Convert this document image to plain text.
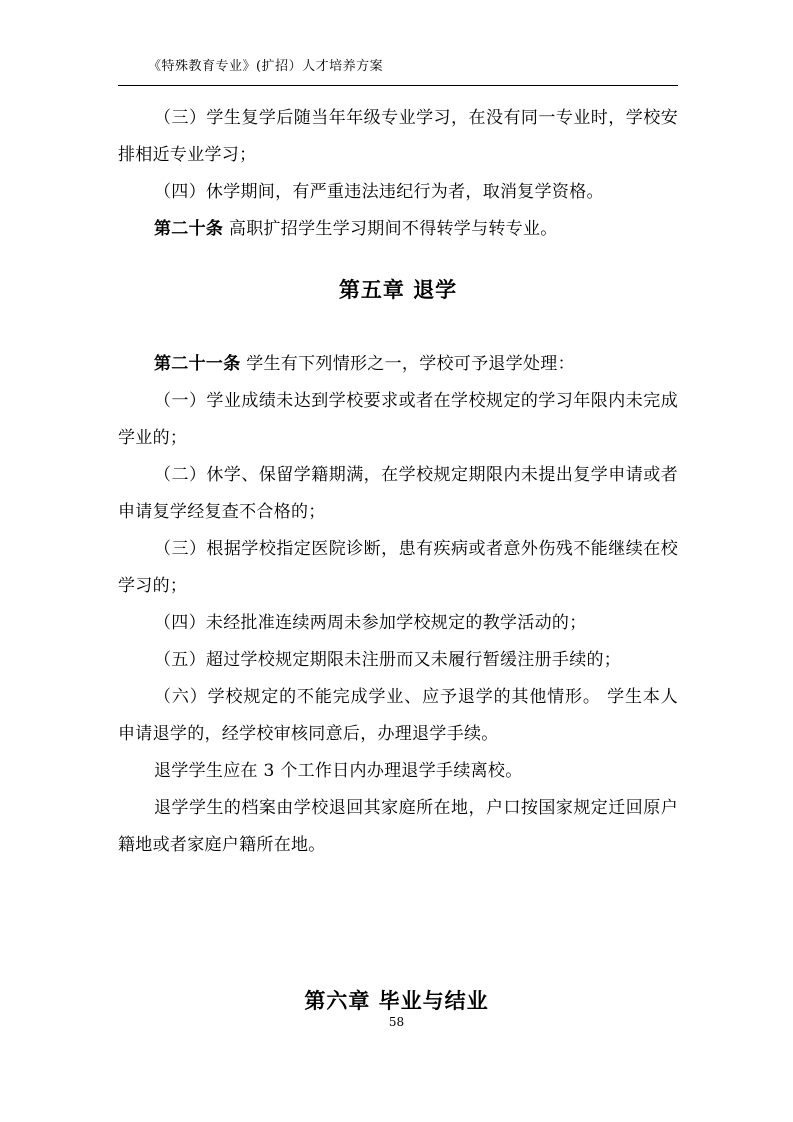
《特殊教育专业》(扩招）人才培养方案

（三）学生复学后随当年年级专业学习，在没有同一专业时，学校安排相近专业学习；

（四）休学期间，有严重违法违纪行为者，取消复学资格。

第二十条 高职扩招学生学习期间不得转学与转专业。

第五章 退学

第二十一条 学生有下列情形之一，学校可予退学处理：

（一）学业成绩未达到学校要求或者在学校规定的学习年限内未完成学业的；

（二）休学、保留学籍期满，在学校规定期限内未提出复学申请或者申请复学经复查不合格的；

（三）根据学校指定医院诊断，患有疾病或者意外伤残不能继续在校学习的；

（四）未经批准连续两周未参加学校规定的教学活动的；

（五）超过学校规定期限未注册而又未履行暂缓注册手续的；

（六）学校规定的不能完成学业、应予退学的其他情形。 学生本人申请退学的，经学校审核同意后，办理退学手续。

退学学生应在 3 个工作日内办理退学手续离校。

退学学生的档案由学校退回其家庭所在地，户口按国家规定迁回原户籍地或者家庭户籍所在地。

第六章 毕业与结业
58
